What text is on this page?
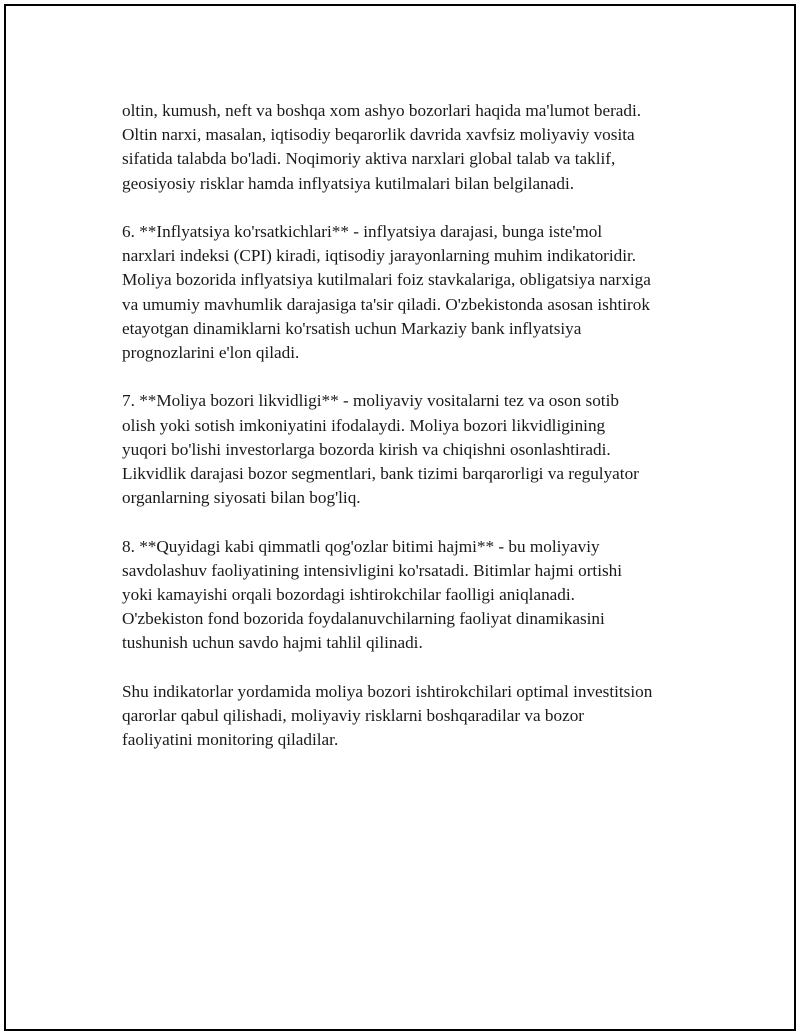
oltin, kumush, neft va boshqa xom ashyo bozorlari haqida ma'lumot beradi.
Oltin narxi, masalan, iqtisodiy beqarorlik davrida xavfsiz moliyaviy vosita
sifatida talabda bo'ladi. Noqimoriy aktiva narxlari global talab va taklif,
geosiyosiy risklar hamda inflyatsiya kutilmalari bilan belgilanadi.

6. **Inflyatsiya ko'rsatkichlari** - inflyatsiya darajasi, bunga iste'mol
narxlari indeksi (CPI) kiradi, iqtisodiy jarayonlarning muhim indikatoridir.
Moliya bozorida inflyatsiya kutilmalari foiz stavkalariga, obligatsiya narxiga
va umumiy mavhumlik darajasiga ta'sir qiladi. O'zbekistonda asosan ishtirok
etayotgan dinamiklarni ko'rsatish uchun Markaziy bank inflyatsiya
prognozlarini e'lon qiladi.

7. **Moliya bozori likvidligi** - moliyaviy vositalarni tez va oson sotib
olish yoki sotish imkoniyatini ifodalaydi. Moliya bozori likvidligining
yuqori bo'lishi investorlarga bozorda kirish va chiqishni osonlashtiradi.
Likvidlik darajasi bozor segmentlari, bank tizimi barqarorligi va regulyator
organlarning siyosati bilan bog'liq.

8. **Quyidagi kabi qimmatli qog'ozlar bitimi hajmi** - bu moliyaviy
savdolashuv faoliyatining intensivligini ko'rsatadi. Bitimlar hajmi ortishi
yoki kamayishi orqali bozordagi ishtirokchilar faolligi aniqlanadi.
O'zbekiston fond bozorida foydalanuvchilarning faoliyat dinamikasini
tushunish uchun savdo hajmi tahlil qilinadi.

Shu indikatorlar yordamida moliya bozori ishtirokchilari optimal investitsion
qarorlar qabul qilishadi, moliyaviy risklarni boshqaradilar va bozor
faoliyatini monitoring qiladilar.
